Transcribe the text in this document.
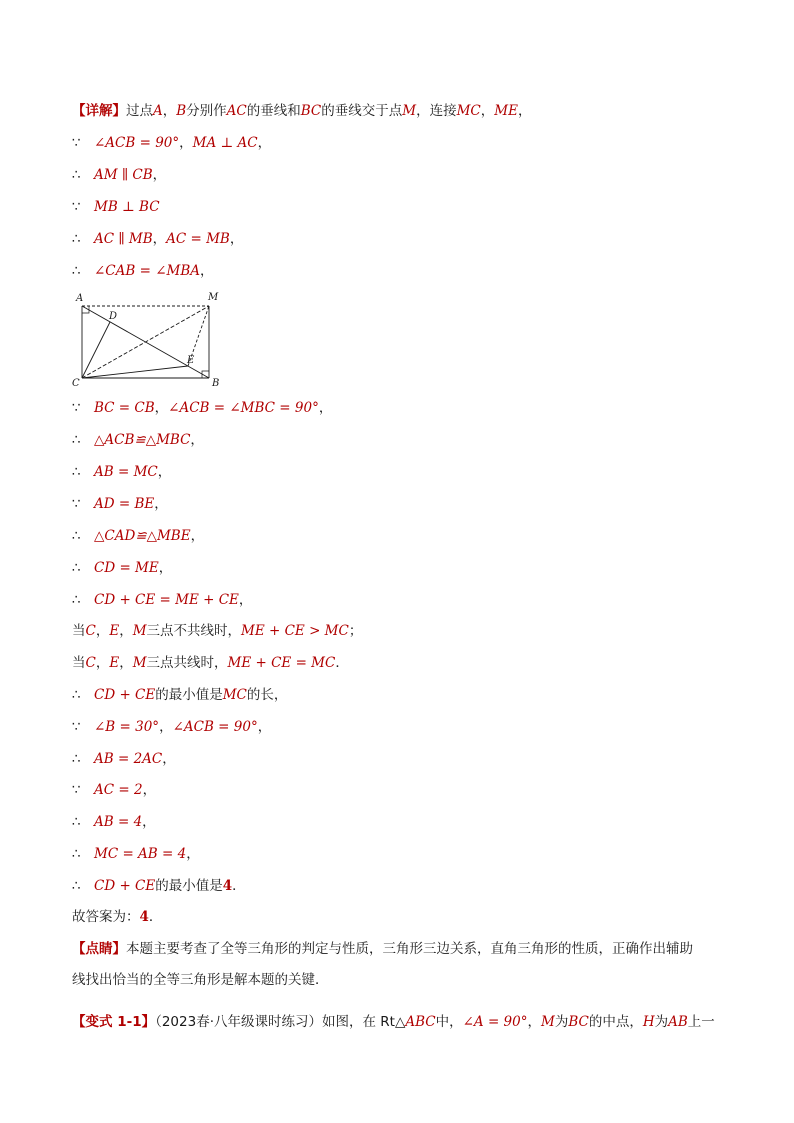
A	M
D
E
C	B
【详解】过点A，B分别作AC的垂线和BC的垂线交于点M，连接MC，ME，
∵ ∠ACB = 90°，MA ⊥ AC，
∴ AM ∥ CB，
∵ MB ⊥ BC
∴ AC ∥ MB，AC = MB，
∴ ∠CAB = ∠MBA，
∵ BC = CB，∠ACB = ∠MBC = 90°，
∴ △ACB≌△MBC，
∴ AB = MC，
∵ AD = BE，
∴ △CAD≌△MBE，
∴ CD = ME，
∴ CD + CE = ME + CE，
当C，E，M三点不共线时，ME + CE > MC；
当C，E，M三点共线时，ME + CE = MC．
∴ CD + CE的最小值是MC的长，
∵ ∠B = 30°，∠ACB = 90°，
∴ AB = 2AC，
∵ AC = 2，
∴ AB = 4，
∴ MC = AB = 4，
∴ CD + CE的最小值是4．
故答案为：4．
【点睛】本题主要考查了全等三角形的判定与性质，三角形三边关系，直角三角形的性质，正确作出辅助
线找出恰当的全等三角形是解本题的关键．
【变式 1-1】（2023春·八年级课时练习）如图，在 Rt△ABC中，∠A = 90°，M为BC的中点，H为AB上一
